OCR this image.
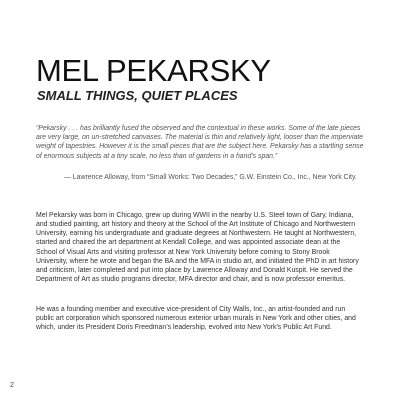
MEL PEKARSKY
SMALL THINGS, QUIET PLACES

“Pekarsky . . . has brilliantly fused the observed and the contextual in these works. Some of the late pieces are very large, on un-stretched canvases. The material is thin and relatively light, looser than the imperviate weight of tapestries. However it is the small pieces that are the subject here. Pekarsky has a startling sense of enormous subjects at a tiny scale, no less than of gardens in a hand’s span.”

— Lawrence Alloway, from “Small Works: Two Decades,” G.W. Einstein Co., Inc., New York City.

Mel Pekarsky was born in Chicago, grew up during WWII in the nearby U.S. Steel town of Gary, Indiana, and studied painting, art history and theory at the School of the Art Institute of Chicago and Northwestern University, earning his undergraduate and graduate degrees at Northwestern. He taught at Northwestern, started and chaired the art department at Kendall College, and was appointed associate dean at the School of Visual Arts and visiting professor at New York University before coming to Stony Brook University, where he wrote and began the BA and the MFA in studio art, and initiated the PhD in art history and criticism, later completed and put into place by Lawrence Alloway and Donald Kuspit. He served the Department of Art as studio programs director, MFA director and chair, and is now professor emeritus.

He was a founding member and executive vice-president of City Walls, Inc., an artist-founded and run public art corporation which sponsored numerous exterior urban murals in New York and other cities, and which, under its President Doris Freedman’s leadership, evolved into New York’s Public Art Fund.

2
